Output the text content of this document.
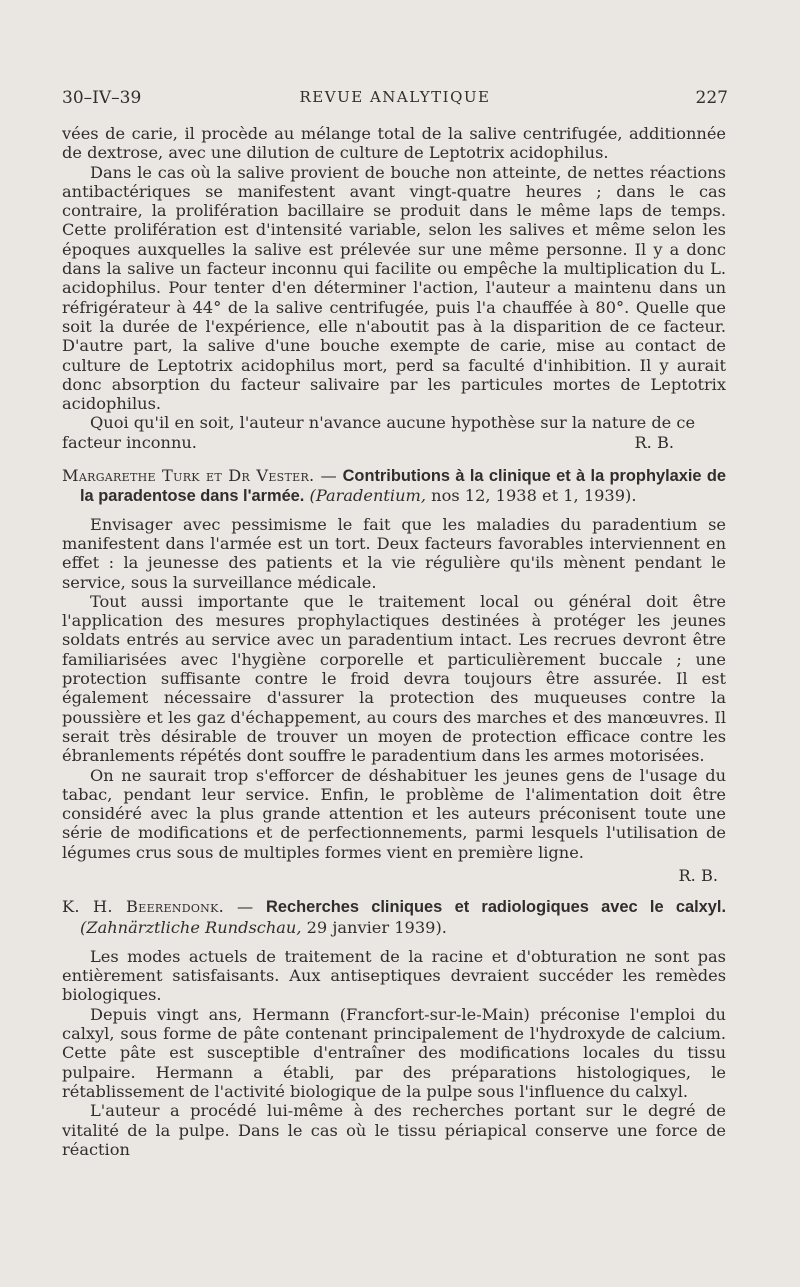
30–IV–39	REVUE ANALYTIQUE	227

vées de carie, il procède au mélange total de la salive centrifugée, additionnée de dextrose, avec une dilution de culture de Leptotrix acidophilus.

Dans le cas où la salive provient de bouche non atteinte, de nettes réactions antibactériques se manifestent avant vingt-quatre heures ; dans le cas contraire, la prolifération bacillaire se produit dans le même laps de temps. Cette prolifération est d'intensité variable, selon les salives et même selon les époques auxquelles la salive est prélevée sur une même personne. Il y a donc dans la salive un facteur inconnu qui facilite ou empêche la multiplication du L. acidophilus. Pour tenter d'en déterminer l'action, l'auteur a maintenu dans un réfrigérateur à 44° de la salive centrifugée, puis l'a chauffée à 80°. Quelle que soit la durée de l'expérience, elle n'aboutit pas à la disparition de ce facteur. D'autre part, la salive d'une bouche exempte de carie, mise au contact de culture de Leptotrix acidophilus mort, perd sa faculté d'inhibition. Il y aurait donc absorption du facteur salivaire par les particules mortes de Leptotrix acidophilus.

Quoi qu'il en soit, l'auteur n'avance aucune hypothèse sur la nature de ce

facteur inconnu.	R. B.

Margarethe Turk et Dr Vester. — Contributions à la clinique et à la prophylaxie de la paradentose dans l'armée. (Paradentium, nos 12, 1938 et 1, 1939).

Envisager avec pessimisme le fait que les maladies du paradentium se manifestent dans l'armée est un tort. Deux facteurs favorables interviennent en effet : la jeunesse des patients et la vie régulière qu'ils mènent pendant le service, sous la surveillance médicale.

Tout aussi importante que le traitement local ou général doit être l'application des mesures prophylactiques destinées à protéger les jeunes soldats entrés au service avec un paradentium intact. Les recrues devront être familiarisées avec l'hygiène corporelle et particulièrement buccale ; une protection suffisante contre le froid devra toujours être assurée. Il est également nécessaire d'assurer la protection des muqueuses contre la poussière et les gaz d'échappement, au cours des marches et des manœuvres. Il serait très désirable de trouver un moyen de protection efficace contre les ébranlements répétés dont souffre le paradentium dans les armes motorisées.

On ne saurait trop s'efforcer de déshabituer les jeunes gens de l'usage du tabac, pendant leur service. Enfin, le problème de l'alimentation doit être considéré avec la plus grande attention et les auteurs préconisent toute une série de modifications et de perfectionnements, parmi lesquels l'utilisation de légumes crus sous de multiples formes vient en première ligne.

R. B.

K. H. Beerendonk. — Recherches cliniques et radiologiques avec le calxyl. (Zahnärztliche Rundschau, 29 janvier 1939).

Les modes actuels de traitement de la racine et d'obturation ne sont pas entièrement satisfaisants. Aux antiseptiques devraient succéder les remèdes biologiques.

Depuis vingt ans, Hermann (Francfort-sur-le-Main) préconise l'emploi du calxyl, sous forme de pâte contenant principalement de l'hydroxyde de calcium. Cette pâte est susceptible d'entraîner des modifications locales du tissu pulpaire. Hermann a établi, par des préparations histologiques, le rétablissement de l'activité biologique de la pulpe sous l'influence du calxyl.

L'auteur a procédé lui-même à des recherches portant sur le degré de vitalité de la pulpe. Dans le cas où le tissu périapical conserve une force de réaction
